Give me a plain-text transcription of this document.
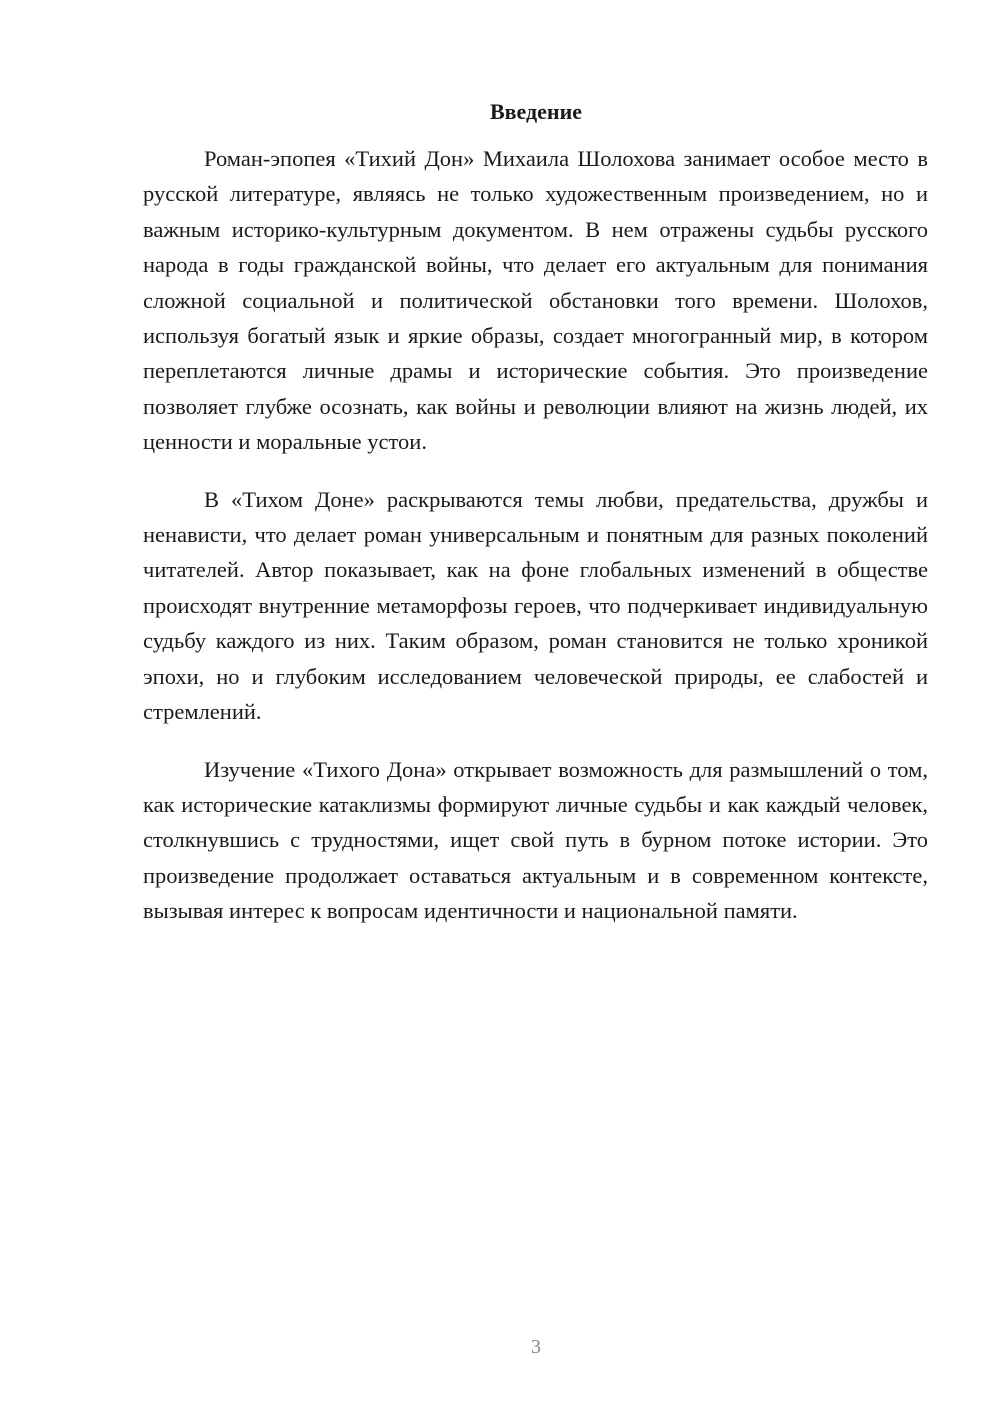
Введение

Роман-эпопея «Тихий Дон» Михаила Шолохова занимает особое место в русской литературе, являясь не только художественным произведением, но и важным историко-культурным документом. В нем отражены судьбы русского народа в годы гражданской войны, что делает его актуальным для понимания сложной социальной и политической обстановки того времени. Шолохов, используя богатый язык и яркие образы, создает многогранный мир, в котором переплетаются личные драмы и исторические события. Это произведение позволяет глубже осознать, как войны и революции влияют на жизнь людей, их ценности и моральные устои.

В «Тихом Доне» раскрываются темы любви, предательства, дружбы и ненависти, что делает роман универсальным и понятным для разных поколений читателей. Автор показывает, как на фоне глобальных изменений в обществе происходят внутренние метаморфозы героев, что подчеркивает индивидуальную судьбу каждого из них. Таким образом, роман становится не только хроникой эпохи, но и глубоким исследованием человеческой природы, ее слабостей и стремлений.

Изучение «Тихого Дона» открывает возможность для размышлений о том, как исторические катаклизмы формируют личные судьбы и как каждый человек, столкнувшись с трудностями, ищет свой путь в бурном потоке истории. Это произведение продолжает оставаться актуальным и в современном контексте, вызывая интерес к вопросам идентичности и национальной памяти.

3
